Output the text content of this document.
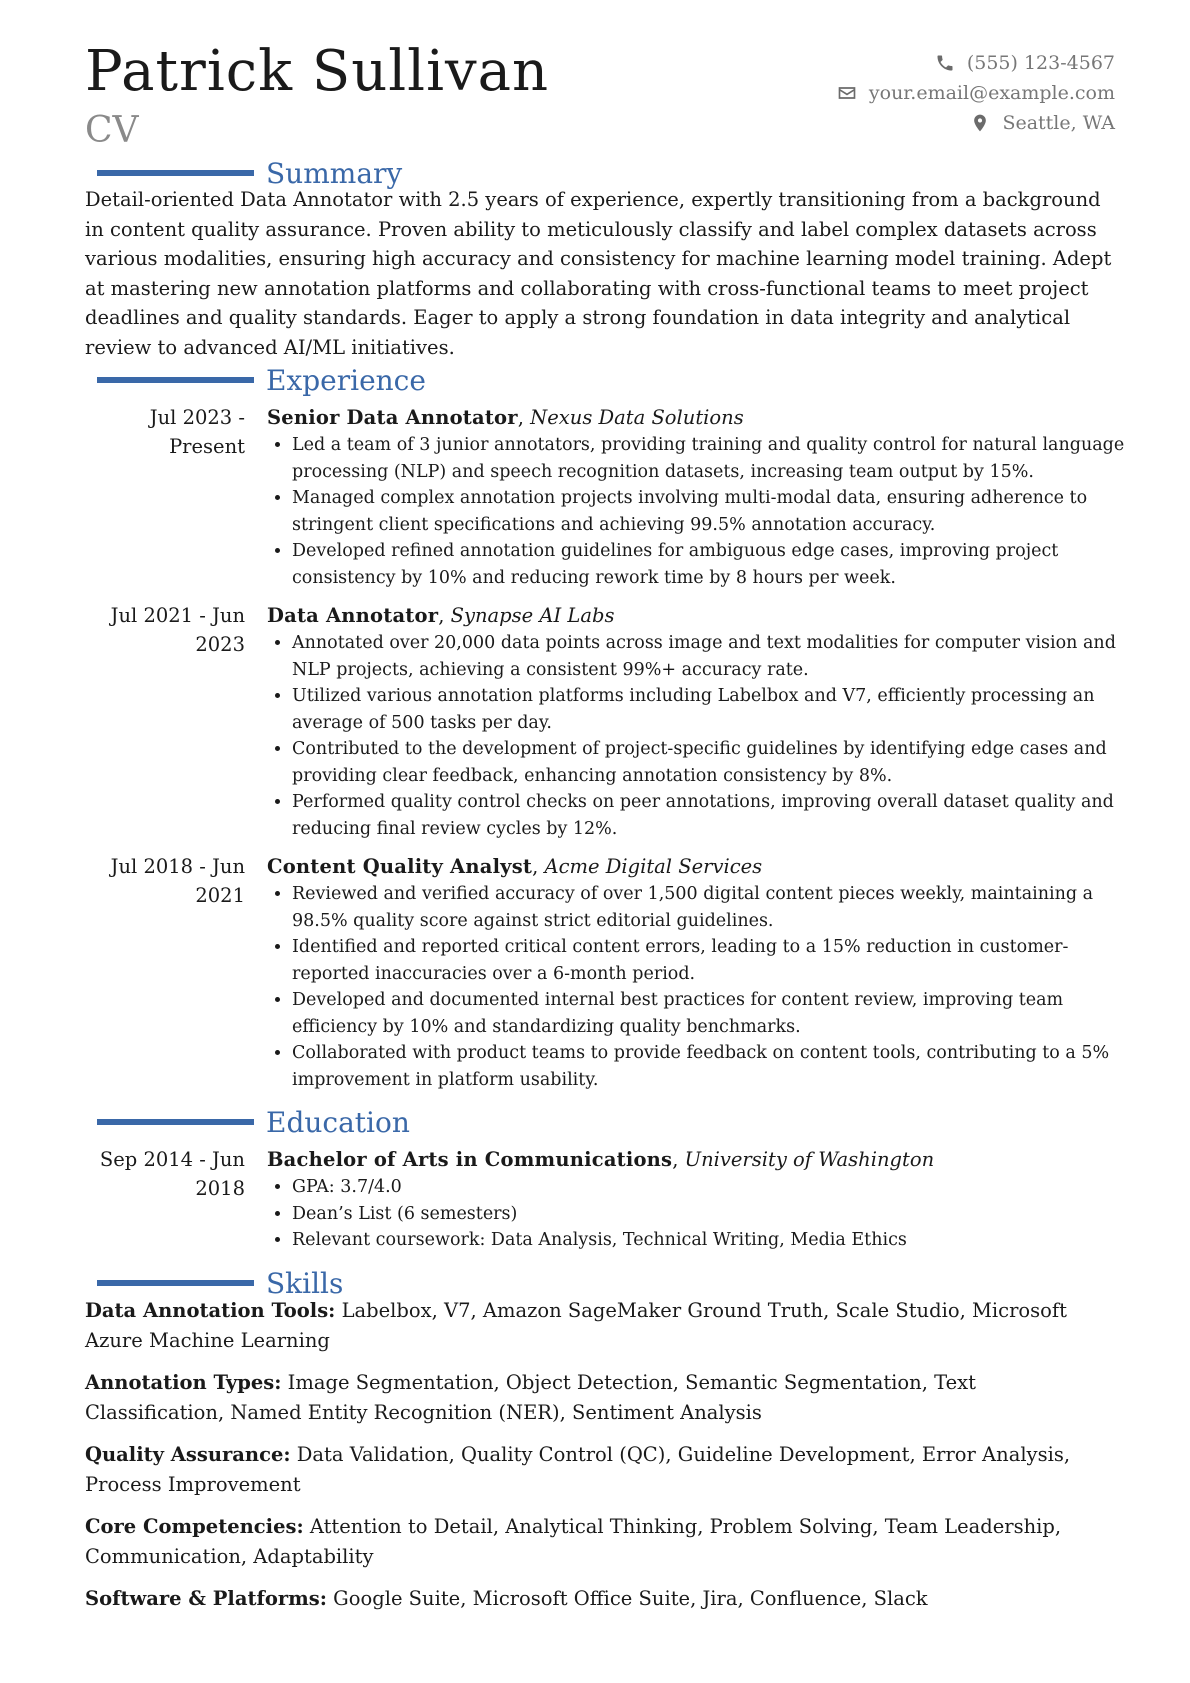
Patrick Sullivan
CV
(555) 123-4567
your.email@example.com
Seattle, WA
Summary
Detail-oriented Data Annotator with 2.5 years of experience, expertly transitioning from a background in content quality assurance. Proven ability to meticulously classify and label complex datasets across various modalities, ensuring high accuracy and consistency for machine learning model training. Adept at mastering new annotation platforms and collaborating with cross-functional teams to meet project deadlines and quality standards. Eager to apply a strong foundation in data integrity and analytical review to advanced AI/ML initiatives.
Experience
Jul 2023 - Present
Senior Data Annotator, Nexus Data Solutions
• Led a team of 3 junior annotators, providing training and quality control for natural language processing (NLP) and speech recognition datasets, increasing team output by 15%.
• Managed complex annotation projects involving multi-modal data, ensuring adherence to stringent client specifications and achieving 99.5% annotation accuracy.
• Developed refined annotation guidelines for ambiguous edge cases, improving project consistency by 10% and reducing rework time by 8 hours per week.
Jul 2021 - Jun 2023
Data Annotator, Synapse AI Labs
• Annotated over 20,000 data points across image and text modalities for computer vision and NLP projects, achieving a consistent 99%+ accuracy rate.
• Utilized various annotation platforms including Labelbox and V7, efficiently processing an average of 500 tasks per day.
• Contributed to the development of project-specific guidelines by identifying edge cases and providing clear feedback, enhancing annotation consistency by 8%.
• Performed quality control checks on peer annotations, improving overall dataset quality and reducing final review cycles by 12%.
Jul 2018 - Jun 2021
Content Quality Analyst, Acme Digital Services
• Reviewed and verified accuracy of over 1,500 digital content pieces weekly, maintaining a 98.5% quality score against strict editorial guidelines.
• Identified and reported critical content errors, leading to a 15% reduction in customer-reported inaccuracies over a 6-month period.
• Developed and documented internal best practices for content review, improving team efficiency by 10% and standardizing quality benchmarks.
• Collaborated with product teams to provide feedback on content tools, contributing to a 5% improvement in platform usability.
Education
Sep 2014 - Jun 2018
Bachelor of Arts in Communications, University of Washington
• GPA: 3.7/4.0
• Dean’s List (6 semesters)
• Relevant coursework: Data Analysis, Technical Writing, Media Ethics
Skills
Data Annotation Tools: Labelbox, V7, Amazon SageMaker Ground Truth, Scale Studio, Microsoft Azure Machine Learning
Annotation Types: Image Segmentation, Object Detection, Semantic Segmentation, Text Classification, Named Entity Recognition (NER), Sentiment Analysis
Quality Assurance: Data Validation, Quality Control (QC), Guideline Development, Error Analysis, Process Improvement
Core Competencies: Attention to Detail, Analytical Thinking, Problem Solving, Team Leadership, Communication, Adaptability
Software & Platforms: Google Suite, Microsoft Office Suite, Jira, Confluence, Slack
